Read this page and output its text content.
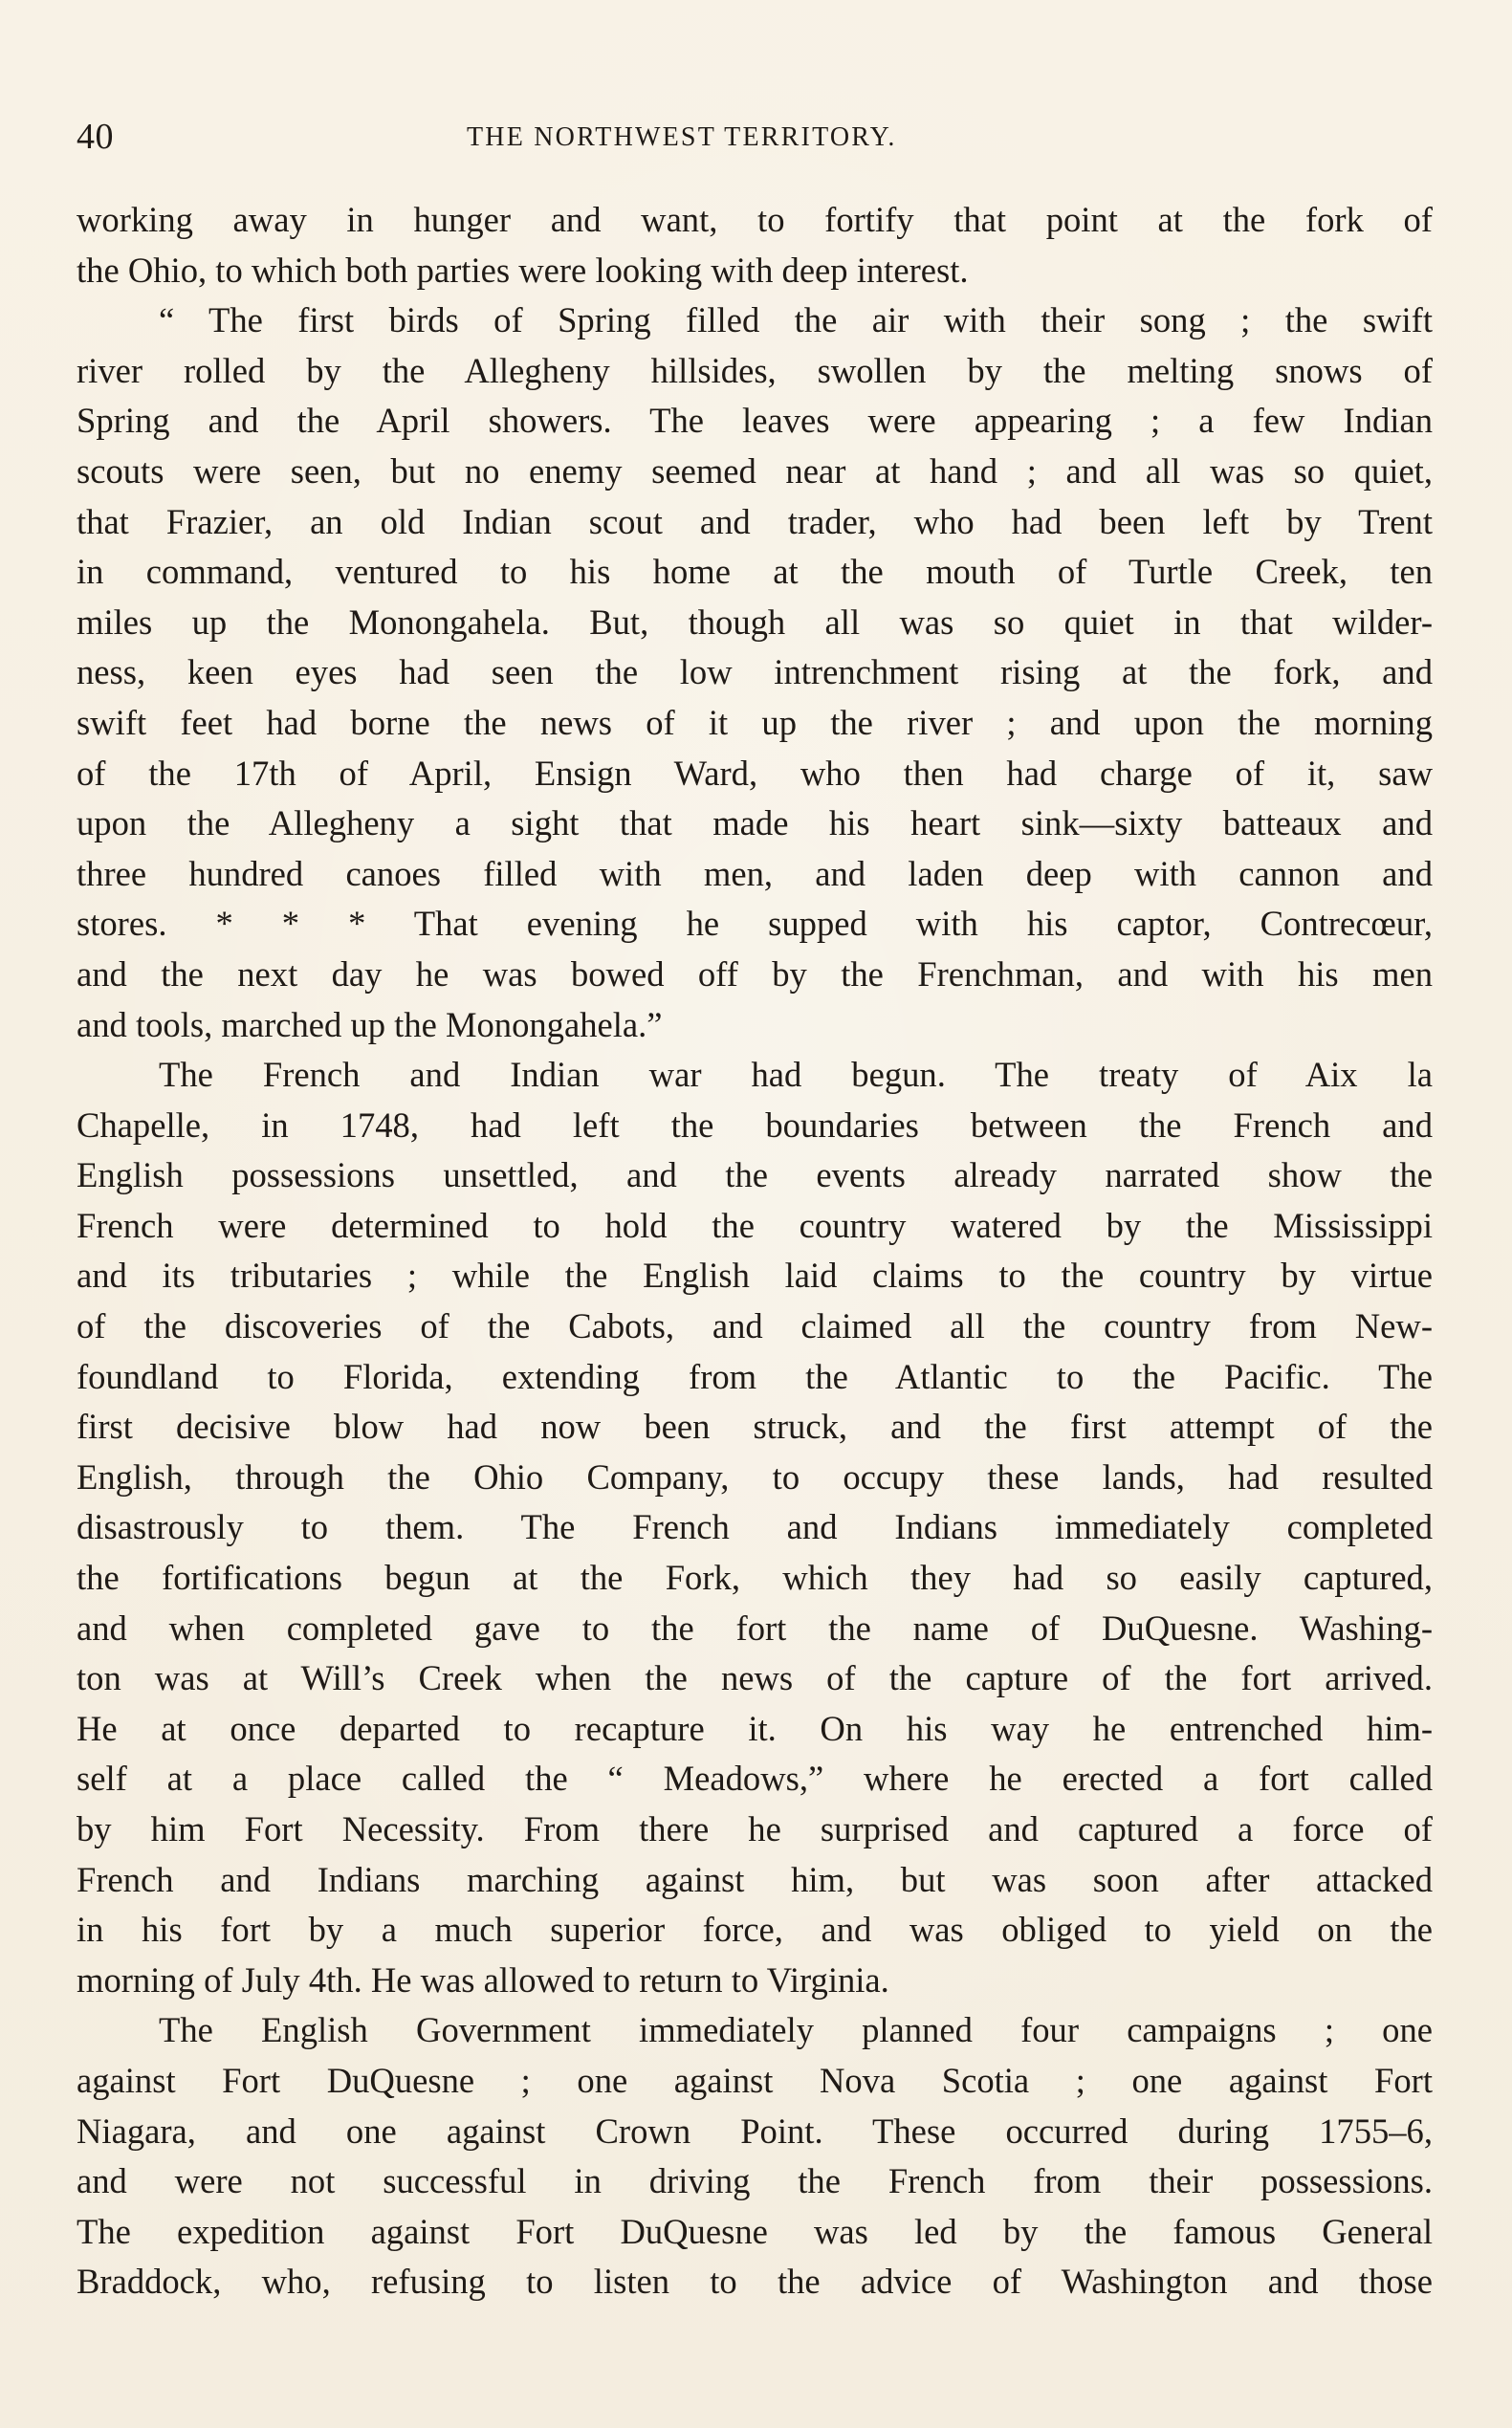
40	THE NORTHWEST TERRITORY.
working away in hunger and want, to fortify that point at the fork of
the Ohio, to which both parties were looking with deep interest.
“ The first birds of Spring filled the air with their song ; the swift
river rolled by the Allegheny hillsides, swollen by the melting snows of
Spring and the April showers. The leaves were appearing ; a few Indian
scouts were seen, but no enemy seemed near at hand ; and all was so quiet,
that Frazier, an old Indian scout and trader, who had been left by Trent
in command, ventured to his home at the mouth of Turtle Creek, ten
miles up the Monongahela. But, though all was so quiet in that wilder-
ness, keen eyes had seen the low intrenchment rising at the fork, and
swift feet had borne the news of it up the river ; and upon the morning
of the 17th of April, Ensign Ward, who then had charge of it, saw
upon the Allegheny a sight that made his heart sink—sixty batteaux and
three hundred canoes filled with men, and laden deep with cannon and
stores. * * * That evening he supped with his captor, Contrecœur,
and the next day he was bowed off by the Frenchman, and with his men
and tools, marched up the Monongahela.”
The French and Indian war had begun. The treaty of Aix la
Chapelle, in 1748, had left the boundaries between the French and
English possessions unsettled, and the events already narrated show the
French were determined to hold the country watered by the Mississippi
and its tributaries ; while the English laid claims to the country by virtue
of the discoveries of the Cabots, and claimed all the country from New-
foundland to Florida, extending from the Atlantic to the Pacific. The
first decisive blow had now been struck, and the first attempt of the
English, through the Ohio Company, to occupy these lands, had resulted
disastrously to them. The French and Indians immediately completed
the fortifications begun at the Fork, which they had so easily captured,
and when completed gave to the fort the name of DuQuesne. Washing-
ton was at Will’s Creek when the news of the capture of the fort arrived.
He at once departed to recapture it. On his way he entrenched him-
self at a place called the “ Meadows,” where he erected a fort called
by him Fort Necessity. From there he surprised and captured a force of
French and Indians marching against him, but was soon after attacked
in his fort by a much superior force, and was obliged to yield on the
morning of July 4th. He was allowed to return to Virginia.
The English Government immediately planned four campaigns ; one
against Fort DuQuesne ; one against Nova Scotia ; one against Fort
Niagara, and one against Crown Point. These occurred during 1755–6,
and were not successful in driving the French from their possessions.
The expedition against Fort DuQuesne was led by the famous General
Braddock, who, refusing to listen to the advice of Washington and those
